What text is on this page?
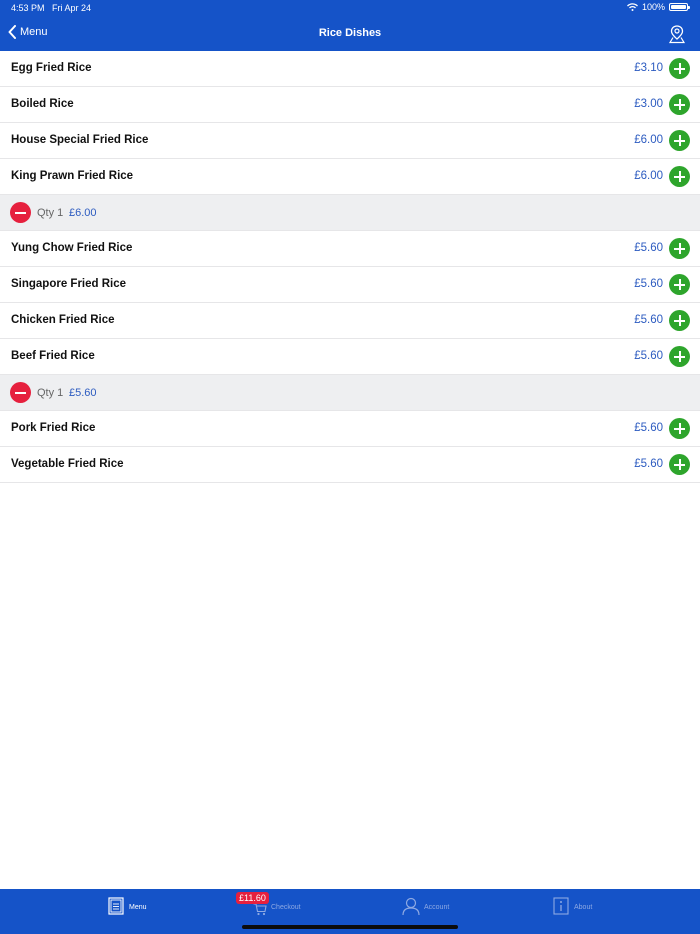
4:53 PM Fri Apr 24	100%
Menu	Rice Dishes
Egg Fried Rice	£3.10
Boiled Rice	£3.00
House Special Fried Rice	£6.00
King Prawn Fried Rice	£6.00
Qty 1 £6.00
Yung Chow Fried Rice	£5.60
Singapore Fried Rice	£5.60
Chicken Fried Rice	£5.60
Beef Fried Rice	£5.60
Qty 1 £5.60
Pork Fried Rice	£5.60
Vegetable Fried Rice	£5.60
Menu	Checkout
£11.60
Account	About
